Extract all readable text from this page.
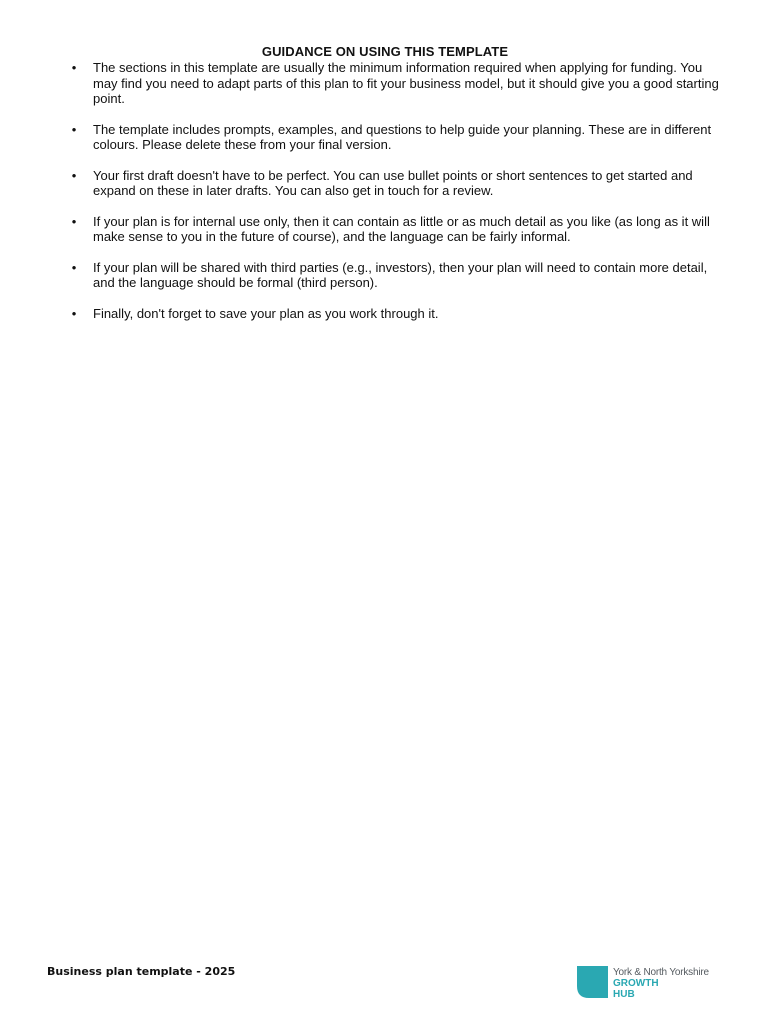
GUIDANCE ON USING THIS TEMPLATE
• The sections in this template are usually the minimum information required when applying for funding. You may find you need to adapt parts of this plan to fit your business model, but it should give you a good starting point.
• The template includes prompts, examples, and questions to help guide your planning. These are in different colours. Please delete these from your final version.
• Your first draft doesn't have to be perfect. You can use bullet points or short sentences to get started and expand on these in later drafts. You can also get in touch for a review.
• If your plan is for internal use only, then it can contain as little or as much detail as you like (as long as it will make sense to you in the future of course), and the language can be fairly informal.
• If your plan will be shared with third parties (e.g., investors), then your plan will need to contain more detail, and the language should be formal (third person).
• Finally, don't forget to save your plan as you work through it.
Business plan template - 2025	York & North Yorkshire
GROWTH
HUB
